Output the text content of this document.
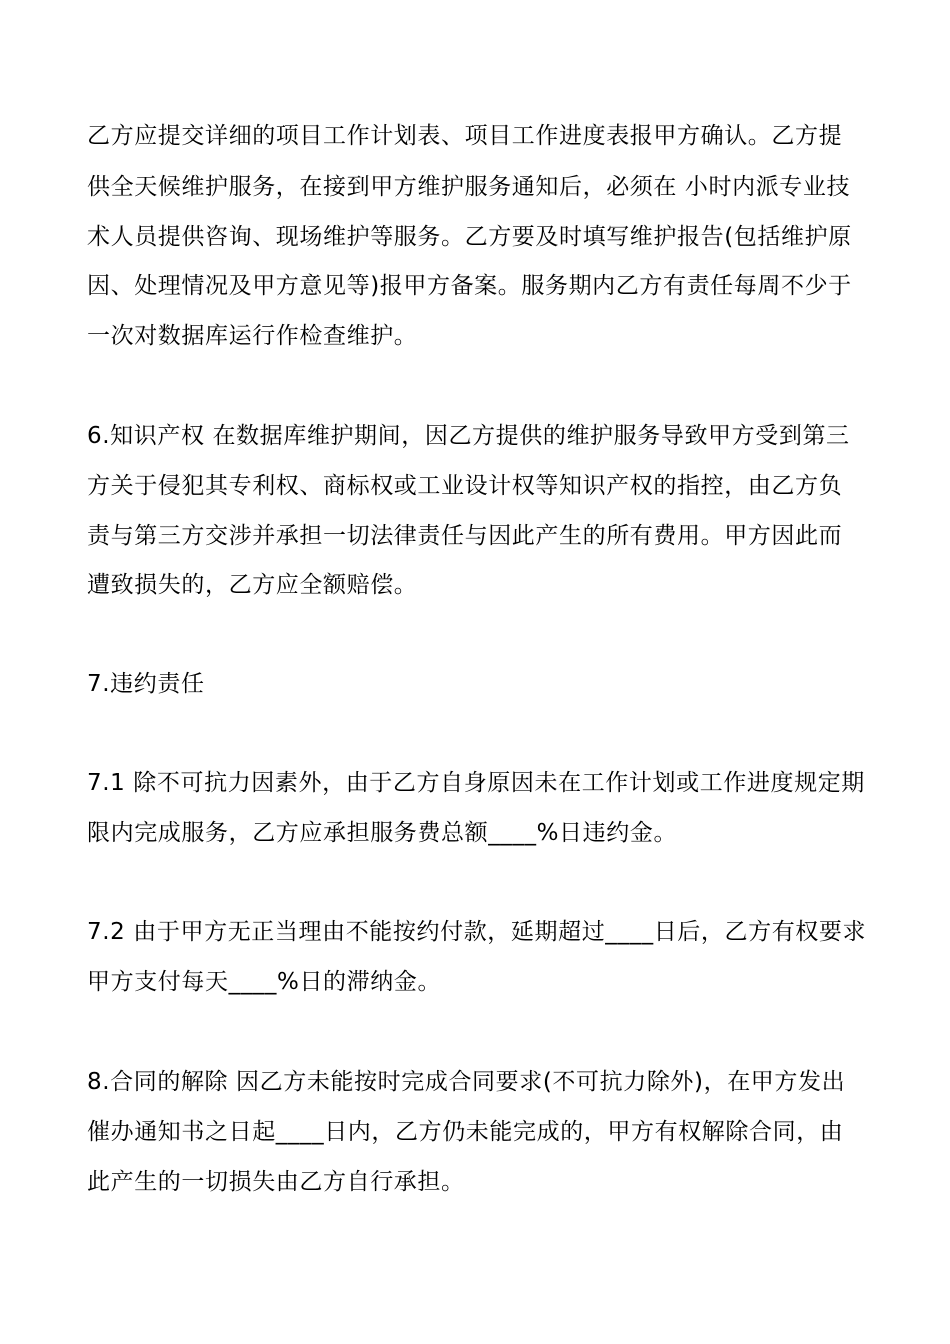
乙方应提交详细的项目工作计划表、项目工作进度表报甲方确认。乙方提
供全天候维护服务，在接到甲方维护服务通知后，必须在 小时内派专业技
术人员提供咨询、现场维护等服务。乙方要及时填写维护报告(包括维护原
因、处理情况及甲方意见等)报甲方备案。服务期内乙方有责任每周不少于
一次对数据库运行作检查维护。
6.知识产权 在数据库维护期间，因乙方提供的维护服务导致甲方受到第三
方关于侵犯其专利权、商标权或工业设计权等知识产权的指控，由乙方负
责与第三方交涉并承担一切法律责任与因此产生的所有费用。甲方因此而
遭致损失的，乙方应全额赔偿。
7.违约责任
7.1 除不可抗力因素外，由于乙方自身原因未在工作计划或工作进度规定期
限内完成服务，乙方应承担服务费总额____%日违约金。
7.2 由于甲方无正当理由不能按约付款，延期超过____日后，乙方有权要求
甲方支付每天____%日的滞纳金。
8.合同的解除 因乙方未能按时完成合同要求(不可抗力除外)，在甲方发出
催办通知书之日起____日内，乙方仍未能完成的，甲方有权解除合同，由
此产生的一切损失由乙方自行承担。
